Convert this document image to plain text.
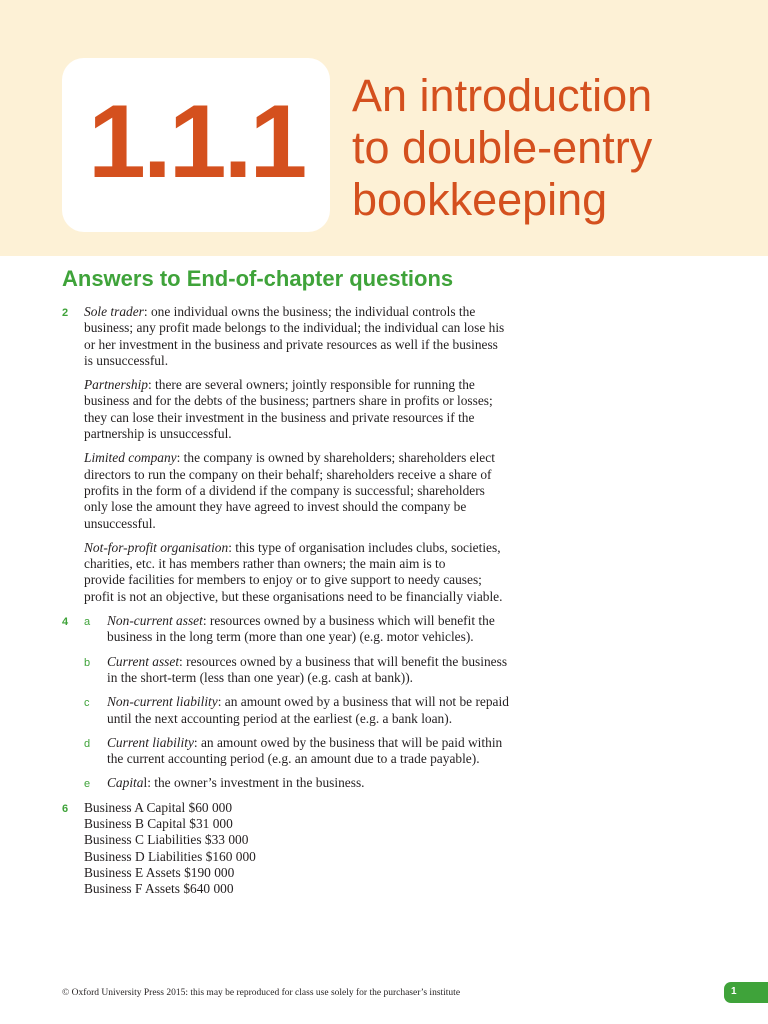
1.1.1 An introduction
to double-entry
bookkeeping
Answers to End-of-chapter questions
2 Sole trader: one individual owns the business; the individual controls the
business; any profit made belongs to the individual; the individual can lose his
or her investment in the business and private resources as well if the business
is unsuccessful.

Partnership: there are several owners; jointly responsible for running the
business and for the debts of the business; partners share in profits or losses;
they can lose their investment in the business and private resources if the
partnership is unsuccessful.

Limited company: the company is owned by shareholders; shareholders elect
directors to run the company on their behalf; shareholders receive a share of
profits in the form of a dividend if the company is successful; shareholders
only lose the amount they have agreed to invest should the company be
unsuccessful.

Not-for-profit organisation: this type of organisation includes clubs, societies,
charities, etc. it has members rather than owners; the main aim is to
provide facilities for members to enjoy or to give support to needy causes;
profit is not an objective, but these organisations need to be financially viable.

4 a Non-current asset: resources owned by a business which will benefit the
business in the long term (more than one year) (e.g. motor vehicles).
b Current asset: resources owned by a business that will benefit the business
in the short-term (less than one year) (e.g. cash at bank)).
c Non-current liability: an amount owed by a business that will not be repaid
until the next accounting period at the earliest (e.g. a bank loan).
d Current liability: an amount owed by the business that will be paid within
the current accounting period (e.g. an amount due to a trade payable).
e Capital: the owner’s investment in the business.
6 Business A Capital $60 000
Business B Capital $31 000
Business C Liabilities $33 000
Business D Liabilities $160 000
Business E Assets $190 000
Business F Assets $640 000
© Oxford University Press 2015: this may be reproduced for class use solely for the purchaser’s institute	1
